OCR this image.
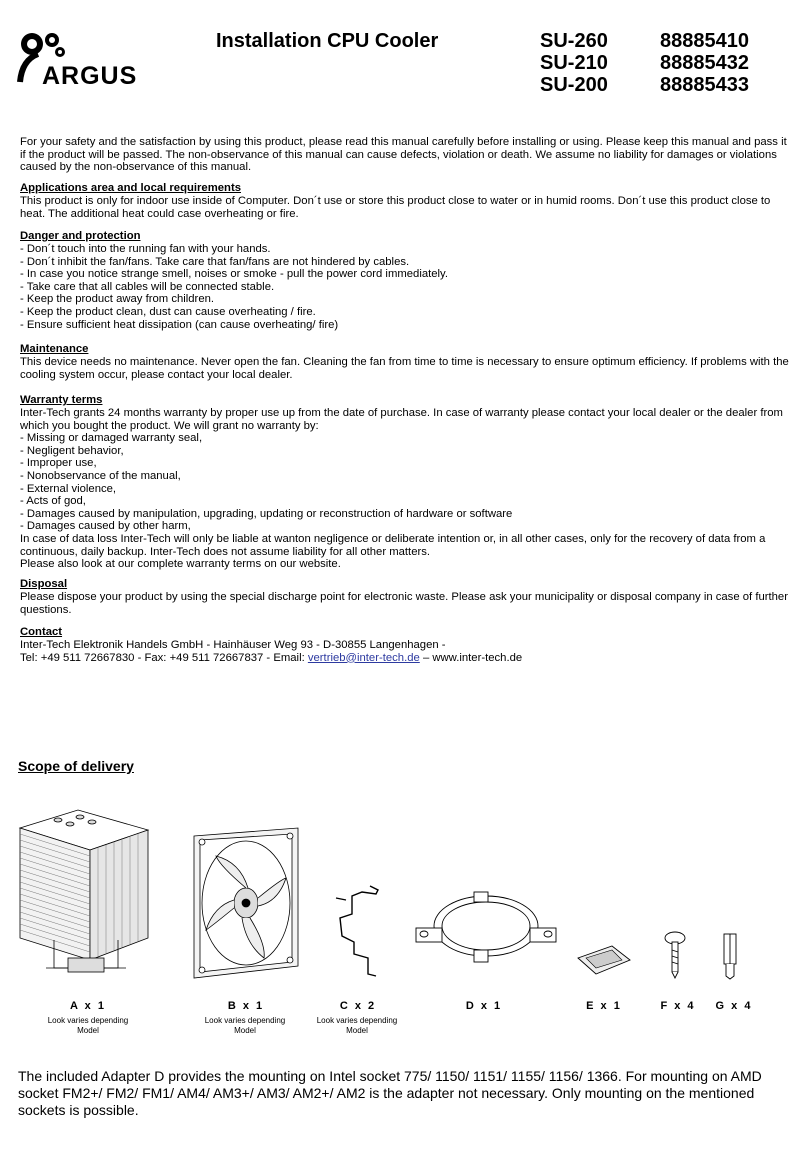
ARGUS
Installation CPU Cooler	SU-260	88885410
SU-210	88885432
SU-200	88885433
For your safety and the satisfaction by using this product, please read this manual carefully before installing or using. Please keep this manual and pass it if the product will be passed. The non-observance of this manual can cause defects, violation or death. We assume no liability for damages or violations caused by the non-observance of this manual.
Applications area and local requirements

This product is only for indoor use inside of Computer. Don´t use or store this product close to water or in humid rooms. Don´t use this product close to heat. The additional heat could case overheating or fire.

Danger and protection
- Don´t touch into the running fan with your hands.
- Don´t inhibit the fan/fans. Take care that fan/fans are not hindered by cables.
- In case you notice strange smell, noises or smoke - pull the power cord immediately.
- Take care that all cables will be connected stable.
- Keep the product away from children.
- Keep the product clean, dust can cause overheating / fire.
- Ensure sufficient heat dissipation (can cause overheating/ fire)
Maintenance

This device needs no maintenance. Never open the fan. Cleaning the fan from time to time is necessary to ensure optimum efficiency. If problems with the cooling system occur, please contact your local dealer.

Warranty terms

Inter-Tech grants 24 months warranty by proper use up from the date of purchase. In case of warranty please contact your local dealer or the dealer from which you bought the product. We will grant no warranty by:

- Missing or damaged warranty seal,
- Negligent behavior,
- Improper use,
- Nonobservance of the manual,
- External violence,
- Acts of god,
- Damages caused by manipulation, upgrading, updating or reconstruction of hardware or software
- Damages caused by other harm,

In case of data loss Inter-Tech will only be liable at wanton negligence or deliberate intention or, in all other cases, only for the recovery of data from a continuous, daily backup. Inter-Tech does not assume liability for all other matters.

Please also look at our complete warranty terms on our website.

Disposal

Please dispose your product by using the special discharge point for electronic waste. Please ask your municipality or disposal company in case of further questions.

Contact

Inter-Tech Elektronik Handels GmbH - Hainhäuser Weg 93 - D-30855 Langenhagen -

Tel: +49 511 72667830 - Fax: +49 511 72667837 - Email: vertrieb@inter-tech.de – www.inter-tech.de

Scope of delivery
A x 1
Look varies depending Model
B x 1
Look varies depending Model
C x 2
Look varies depending Model
D x 1	E x 1	F x 4	G x 4
The included Adapter D provides the mounting on Intel socket 775/ 1150/ 1151/ 1155/ 1156/ 1366. For mounting on AMD socket FM2+/ FM2/ FM1/ AM4/ AM3+/ AM3/ AM2+/ AM2 is the adapter not necessary. Only mounting on the mentioned sockets is possible.
